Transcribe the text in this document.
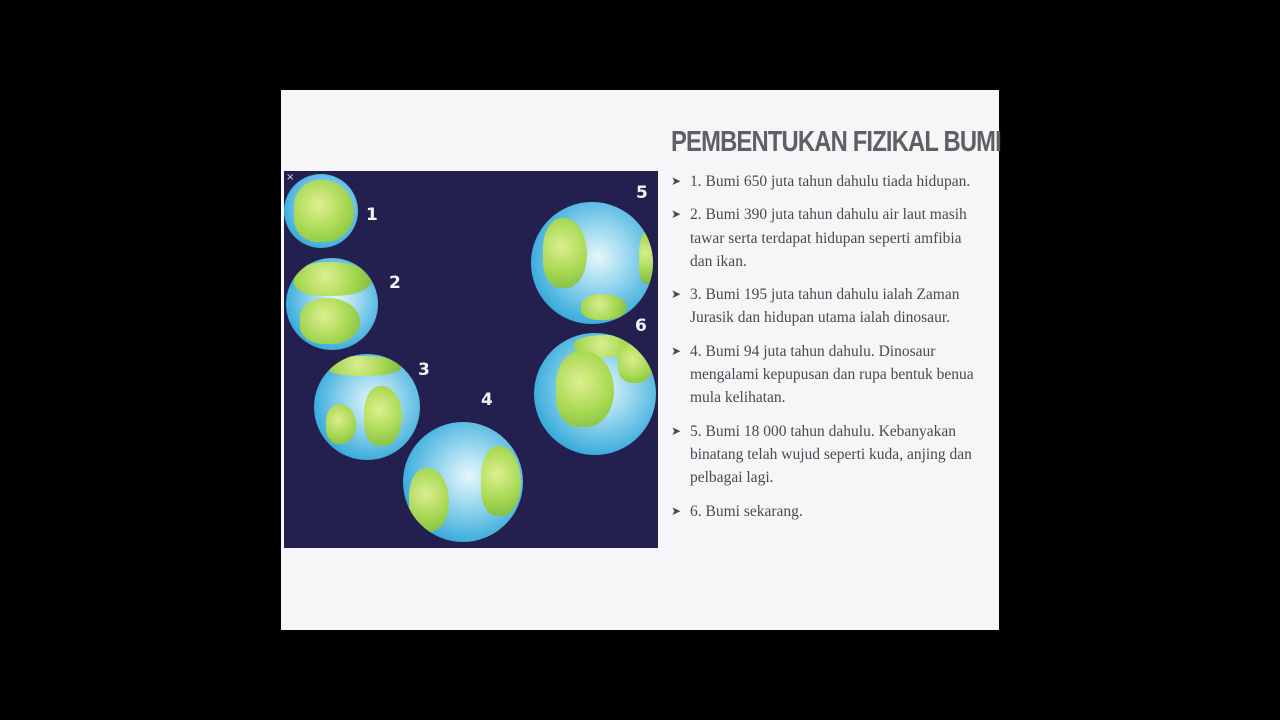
×
1
2
3
4
5
6
PEMBENTUKAN FIZIKAL BUMI
➤ 1. Bumi 650 juta tahun dahulu tiada hidupan.
➤ 2. Bumi 390 juta tahun dahulu air laut masih tawar serta terdapat hidupan seperti amfibia dan ikan.
➤ 3. Bumi 195 juta tahun dahulu ialah Zaman Jurasik dan hidupan utama ialah dinosaur.
➤ 4. Bumi 94 juta tahun dahulu. Dinosaur mengalami kepupusan dan rupa bentuk benua mula kelihatan.
➤ 5. Bumi 18 000 tahun dahulu. Kebanyakan binatang telah wujud seperti kuda, anjing dan pelbagai lagi.
➤ 6. Bumi sekarang.
